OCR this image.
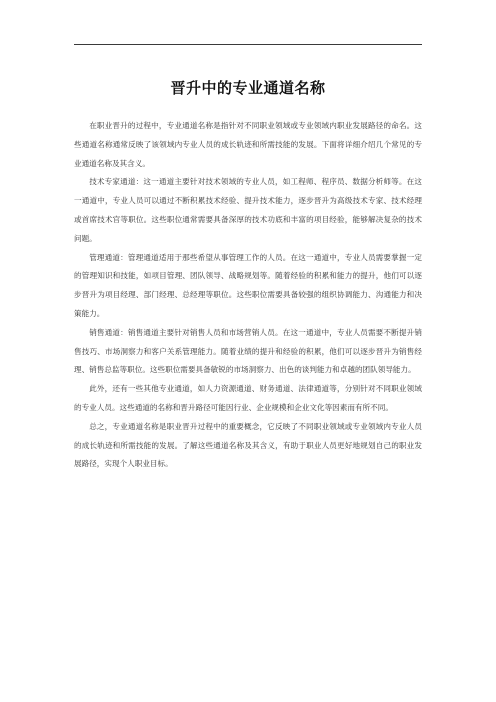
晋升中的专业通道名称

在职业晋升的过程中，专业通道名称是指针对不同职业领域或专业领域内职业发展路径的命名。这些通道名称通常反映了该领域内专业人员的成长轨迹和所需技能的发展。下面将详细介绍几个常见的专业通道名称及其含义。

技术专家通道：这一通道主要针对技术领域的专业人员，如工程师、程序员、数据分析师等。在这一通道中，专业人员可以通过不断积累技术经验、提升技术能力，逐步晋升为高级技术专家、技术经理或首席技术官等职位。这些职位通常需要具备深厚的技术功底和丰富的项目经验，能够解决复杂的技术问题。

管理通道：管理通道适用于那些希望从事管理工作的人员。在这一通道中，专业人员需要掌握一定的管理知识和技能，如项目管理、团队领导、战略规划等。随着经验的积累和能力的提升，他们可以逐步晋升为项目经理、部门经理、总经理等职位。这些职位需要具备较强的组织协调能力、沟通能力和决策能力。

销售通道：销售通道主要针对销售人员和市场营销人员。在这一通道中，专业人员需要不断提升销售技巧、市场洞察力和客户关系管理能力。随着业绩的提升和经验的积累，他们可以逐步晋升为销售经理、销售总监等职位。这些职位需要具备敏锐的市场洞察力、出色的谈判能力和卓越的团队领导能力。

此外，还有一些其他专业通道，如人力资源通道、财务通道、法律通道等，分别针对不同职业领域的专业人员。这些通道的名称和晋升路径可能因行业、企业规模和企业文化等因素而有所不同。

总之，专业通道名称是职业晋升过程中的重要概念，它反映了不同职业领域或专业领域内专业人员的成长轨迹和所需技能的发展。了解这些通道名称及其含义，有助于职业人员更好地规划自己的职业发展路径，实现个人职业目标。
